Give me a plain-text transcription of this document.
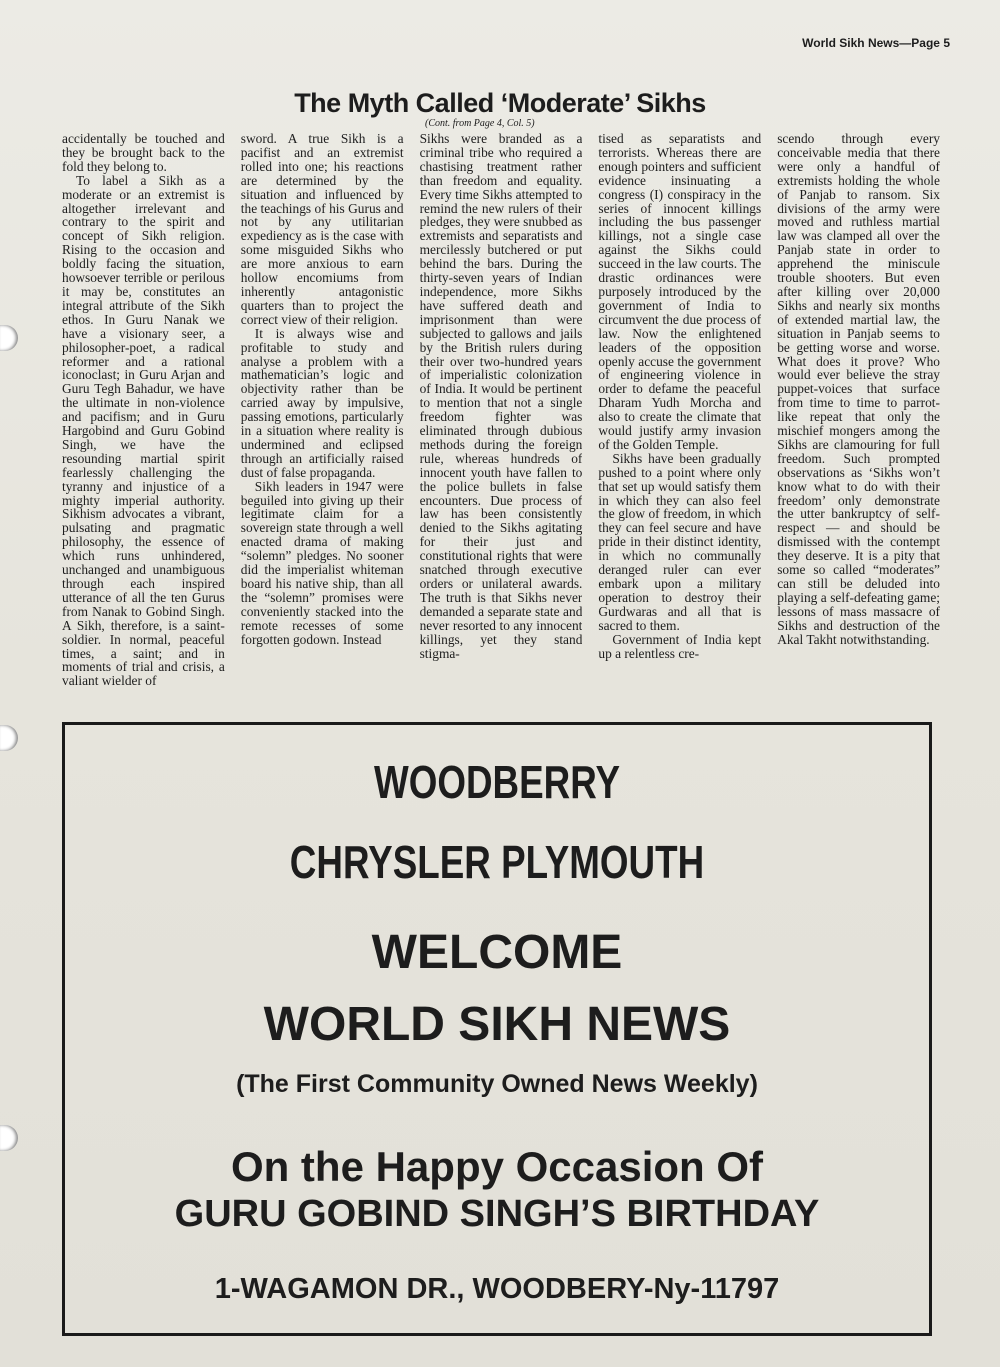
World Sikh News—Page 5
The Myth Called ‘Moderate’ Sikhs
(Cont. from Page 4, Col. 5)

accidentally be touched and they be brought back to the fold they belong to.

To label a Sikh as a moderate or an extremist is altogether irrelevant and contrary to the spirit and concept of Sikh religion. Rising to the occasion and boldly facing the situation, howsoever terrible or perilous it may be, constitutes an integral attribute of the Sikh ethos. In Guru Nanak we have a visionary seer, a philosopher-poet, a radical reformer and a rational iconoclast; in Guru Arjan and Guru Tegh Bahadur, we have the ultimate in non-violence and pacifism; and in Guru Hargobind and Guru Gobind Singh, we have the resounding martial spirit fearlessly challenging the tyranny and injustice of a mighty imperial authority. Sikhism advocates a vibrant, pulsating and pragmatic philosophy, the essence of which runs unhindered, unchanged and unambiguous through each inspired utterance of all the ten Gurus from Nanak to Gobind Singh. A Sikh, therefore, is a saint-soldier. In normal, peaceful times, a saint; and in moments of trial and crisis, a valiant wielder of

sword. A true Sikh is a pacifist and an extremist rolled into one; his reactions are determined by the situation and influenced by the teachings of his Gurus and not by any utilitarian expediency as is the case with some misguided Sikhs who are more anxious to earn hollow encomiums from inherently antagonistic quarters than to project the correct view of their religion.

It is always wise and profitable to study and analyse a problem with a mathematician’s logic and objectivity rather than be carried away by impulsive, passing emotions, particularly in a situation where reality is undermined and eclipsed through an artificially raised dust of false propaganda.

Sikh leaders in 1947 were beguiled into giving up their legitimate claim for a sovereign state through a well enacted drama of making “solemn” pledges. No sooner did the imperialist whiteman board his native ship, than all the “solemn” promises were conveniently stacked into the remote recesses of some forgotten godown. Instead

Sikhs were branded as a criminal tribe who required a chastising treatment rather than freedom and equality. Every time Sikhs attempted to remind the new rulers of their pledges, they were snubbed as extremists and separatists and mercilessly butchered or put behind the bars. During the thirty-seven years of Indian independence, more Sikhs have suffered death and imprisonment than were subjected to gallows and jails by the British rulers during their over two-hundred years of imperialistic colonization of India. It would be pertinent to mention that not a single freedom fighter was eliminated through dubious methods during the foreign rule, whereas hundreds of innocent youth have fallen to the police bullets in false encounters. Due process of law has been consistently denied to the Sikhs agitating for their just and constitutional rights that were snatched through executive orders or unilateral awards. The truth is that Sikhs never demanded a separate state and never resorted to any innocent killings, yet they stand stigma-

tised as separatists and terrorists. Whereas there are enough pointers and sufficient evidence insinuating a congress (I) conspiracy in the series of innocent killings including the bus passenger killings, not a single case against the Sikhs could succeed in the law courts. The drastic ordinances were purposely introduced by the government of India to circumvent the due process of law. Now the enlightened leaders of the opposition openly accuse the government of engineering violence in order to defame the peaceful Dharam Yudh Morcha and also to create the climate that would justify army invasion of the Golden Temple.

Sikhs have been gradually pushed to a point where only that set up would satisfy them in which they can also feel the glow of freedom, in which they can feel secure and have pride in their distinct identity, in which no communally deranged ruler can ever embark upon a military operation to destroy their Gurdwaras and all that is sacred to them.

Government of India kept up a relentless cre-

scendo through every conceivable media that there were only a handful of extremists holding the whole of Panjab to ransom. Six divisions of the army were moved and ruthless martial law was clamped all over the Panjab state in order to apprehend the miniscule trouble shooters. But even after killing over 20,000 Sikhs and nearly six months of extended martial law, the situation in Panjab seems to be getting worse and worse. What does it prove? Who would ever believe the stray puppet-voices that surface from time to time to parrot-like repeat that only the mischief mongers among the Sikhs are clamouring for full freedom. Such prompted observations as ‘Sikhs won’t know what to do with their freedom’ only demonstrate the utter bankruptcy of self-respect — and should be dismissed with the contempt they deserve. It is a pity that some so called “moderates” can still be deluded into playing a self-defeating game; lessons of mass massacre of Sikhs and destruction of the Akal Takht notwithstanding.

WOODBERRY

CHRYSLER PLYMOUTH

WELCOME

WORLD SIKH NEWS

(The First Community Owned News Weekly)

On the Happy Occasion Of

GURU GOBIND SINGH’S BIRTHDAY

1-WAGAMON DR., WOODBERY-Ny-11797
